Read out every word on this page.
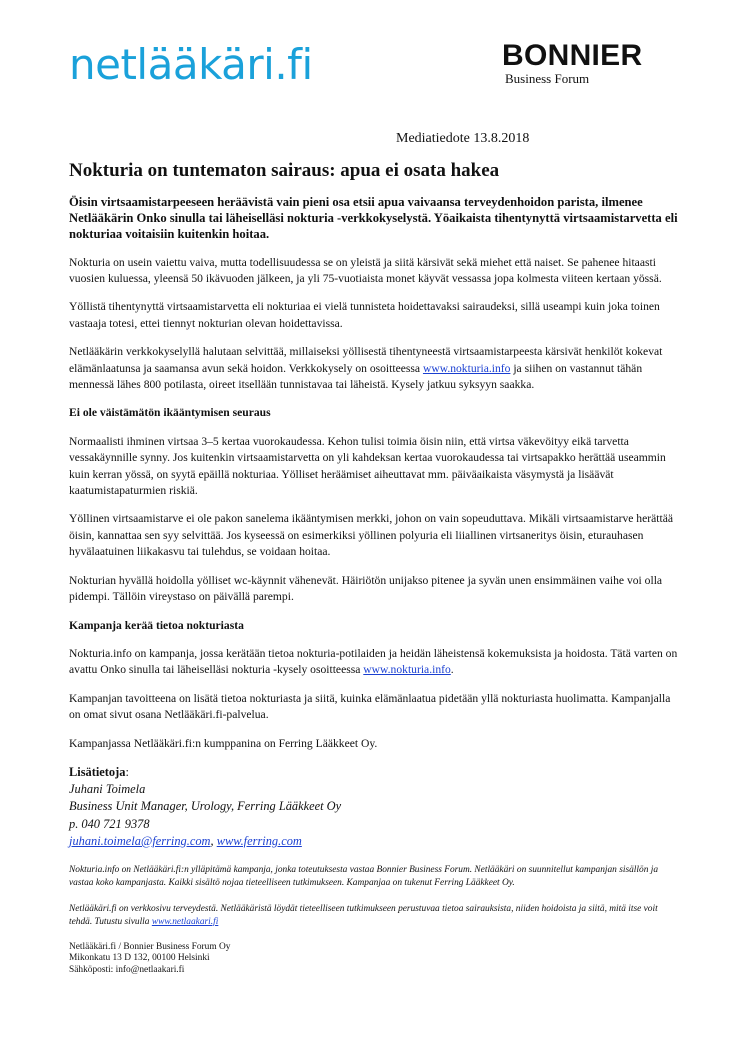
netlääkäri.fi	BONNIER
Business Forum
Mediatiedote 13.8.2018
Nokturia on tuntematon sairaus: apua ei osata hakea

Öisin virtsaamistarpeeseen heräävistä vain pieni osa etsii apua vaivaansa terveydenhoidon parista, ilmenee Netlääkärin Onko sinulla tai läheiselläsi nokturia -verkkokyselystä. Yöaikaista tihentynyttä virtsaamistarvetta eli nokturiaa voitaisiin kuitenkin hoitaa.

Nokturia on usein vaiettu vaiva, mutta todellisuudessa se on yleistä ja siitä kärsivät sekä miehet että naiset. Se pahenee hitaasti vuosien kuluessa, yleensä 50 ikävuoden jälkeen, ja yli 75-vuotiaista monet käyvät vessassa jopa kolmesta viiteen kertaan yössä.

Yöllistä tihentynyttä virtsaamistarvetta eli nokturiaa ei vielä tunnisteta hoidettavaksi sairaudeksi, sillä useampi kuin joka toinen vastaaja totesi, ettei tiennyt nokturian olevan hoidettavissa.

Netlääkärin verkkokyselyllä halutaan selvittää, millaiseksi yöllisestä tihentyneestä virtsaamistarpeesta kärsivät henkilöt kokevat elämänlaatunsa ja saamansa avun sekä hoidon. Verkkokysely on osoitteessa www.nokturia.info ja siihen on vastannut tähän mennessä lähes 800 potilasta, oireet itsellään tunnistavaa tai läheistä. Kysely jatkuu syksyyn saakka.

Ei ole väistämätön ikääntymisen seuraus

Normaalisti ihminen virtsaa 3–5 kertaa vuorokaudessa. Kehon tulisi toimia öisin niin, että virtsa väkevöityy eikä tarvetta vessakäynnille synny. Jos kuitenkin virtsaamistarvetta on yli kahdeksan kertaa vuorokaudessa tai virtsapakko herättää useammin kuin kerran yössä, on syytä epäillä nokturiaa. Yölliset heräämiset aiheuttavat mm. päiväaikaista väsymystä ja lisäävät kaatumistapaturmien riskiä.

Yöllinen virtsaamistarve ei ole pakon sanelema ikääntymisen merkki, johon on vain sopeuduttava. Mikäli virtsaamistarve herättää öisin, kannattaa sen syy selvittää. Jos kyseessä on esimerkiksi yöllinen polyuria eli liiallinen virtsaneritys öisin, eturauhasen hyvälaatuinen liikakasvu tai tulehdus, se voidaan hoitaa.

Nokturian hyvällä hoidolla yölliset wc-käynnit vähenevät. Häiriötön unijakso pitenee ja syvän unen ensimmäinen vaihe voi olla pidempi. Tällöin vireystaso on päivällä parempi.

Kampanja kerää tietoa nokturiasta

Nokturia.info on kampanja, jossa kerätään tietoa nokturia-potilaiden ja heidän läheistensä kokemuksista ja hoidosta. Tätä varten on avattu Onko sinulla tai läheiselläsi nokturia -kysely osoitteessa www.nokturia.info.

Kampanjan tavoitteena on lisätä tietoa nokturiasta ja siitä, kuinka elämänlaatua pidetään yllä nokturiasta huolimatta. Kampanjalla on omat sivut osana Netlääkäri.fi-palvelua.

Kampanjassa Netlääkäri.fi:n kumppanina on Ferring Lääkkeet Oy.

Lisätietoja:

Juhani Toimela

Business Unit Manager, Urology, Ferring Lääkkeet Oy

p. 040 721 9378

juhani.toimela@ferring.com, www.ferring.com

Nokturia.info on Netlääkäri.fi:n ylläpitämä kampanja, jonka toteutuksesta vastaa Bonnier Business Forum. Netlääkäri on suunnitellut kampanjan sisällön ja vastaa koko kampanjasta. Kaikki sisältö nojaa tieteelliseen tutkimukseen. Kampanjaa on tukenut Ferring Lääkkeet Oy.

Netlääkäri.fi on verkkosivu terveydestä. Netlääkäristä löydät tieteelliseen tutkimukseen perustuvaa tietoa sairauksista, niiden hoidoista ja siitä, mitä itse voit tehdä. Tutustu sivulla www.netlaakari.fi

Netlääkäri.fi / Bonnier Business Forum Oy

Mikonkatu 13 D 132, 00100 Helsinki

Sähköposti: info@netlaakari.fi
